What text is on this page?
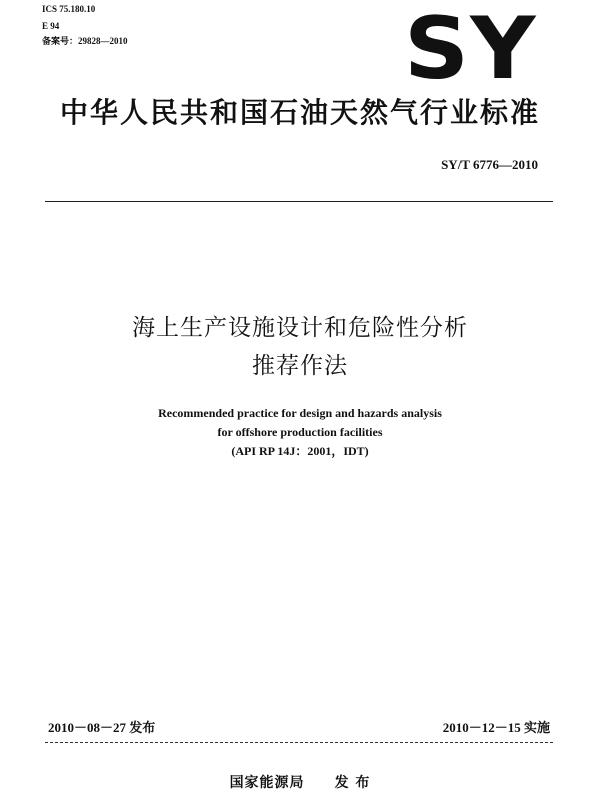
ICS 75.180.10
E 94
备案号：29828—2010	SY
中华人民共和国石油天然气行业标准
SY/T 6776—2010
海上生产设施设计和危险性分析
推荐作法
Recommended practice for design and hazards analysis
for offshore production facilities
(API RP 14J：2001，IDT)
2010－08－27 发布	2010－12－15 实施
国家能源局 发 布
